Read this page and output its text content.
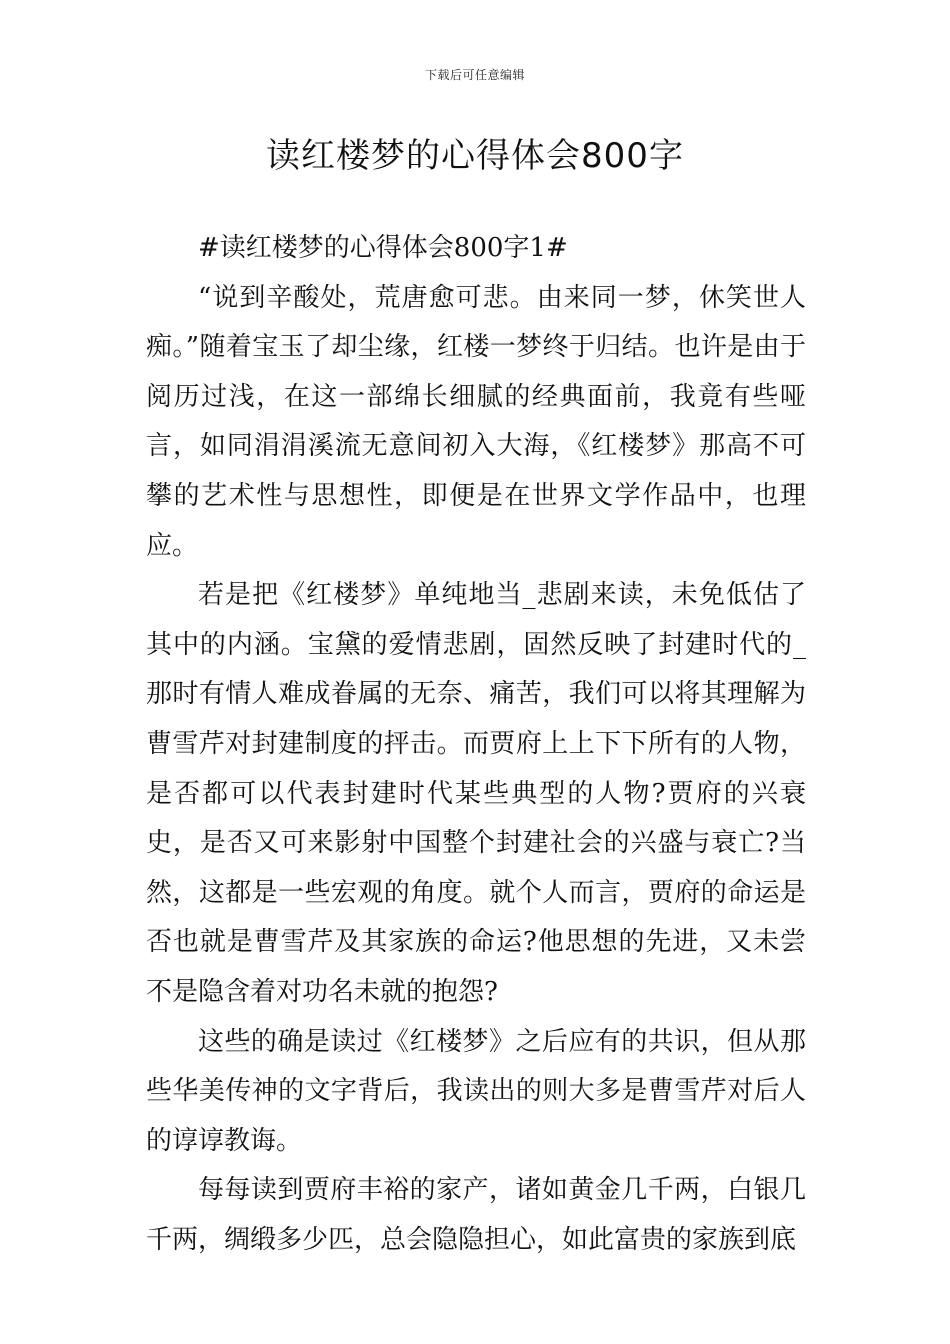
下载后可任意编辑
读红楼梦的心得体会800字

#读红楼梦的心得体会800字1#

“说到辛酸处，荒唐愈可悲。由来同一梦，休笑世人痴。”随着宝玉了却尘缘，红楼一梦终于归结。也许是由于阅历过浅，在这一部绵长细腻的经典面前，我竟有些哑言，如同涓涓溪流无意间初入大海，《红楼梦》那高不可攀的艺术性与思想性，即便是在世界文学作品中，也理应。

若是把《红楼梦》单纯地当_悲剧来读，未免低估了其中的内涵。宝黛的爱情悲剧，固然反映了封建时代的_那时有情人难成眷属的无奈、痛苦，我们可以将其理解为曹雪芹对封建制度的抨击。而贾府上上下下所有的人物，是否都可以代表封建时代某些典型的人物?贾府的兴衰史，是否又可来影射中国整个封建社会的兴盛与衰亡?当然，这都是一些宏观的角度。就个人而言，贾府的命运是否也就是曹雪芹及其家族的命运?他思想的先进，又未尝不是隐含着对功名未就的抱怨?

这些的确是读过《红楼梦》之后应有的共识，但从那些华美传神的文字背后，我读出的则大多是曹雪芹对后人的谆谆教诲。

每每读到贾府丰裕的家产，诸如黄金几千两，白银几千两，绸缎多少匹，总会隐隐担心，如此富贵的家族到底
